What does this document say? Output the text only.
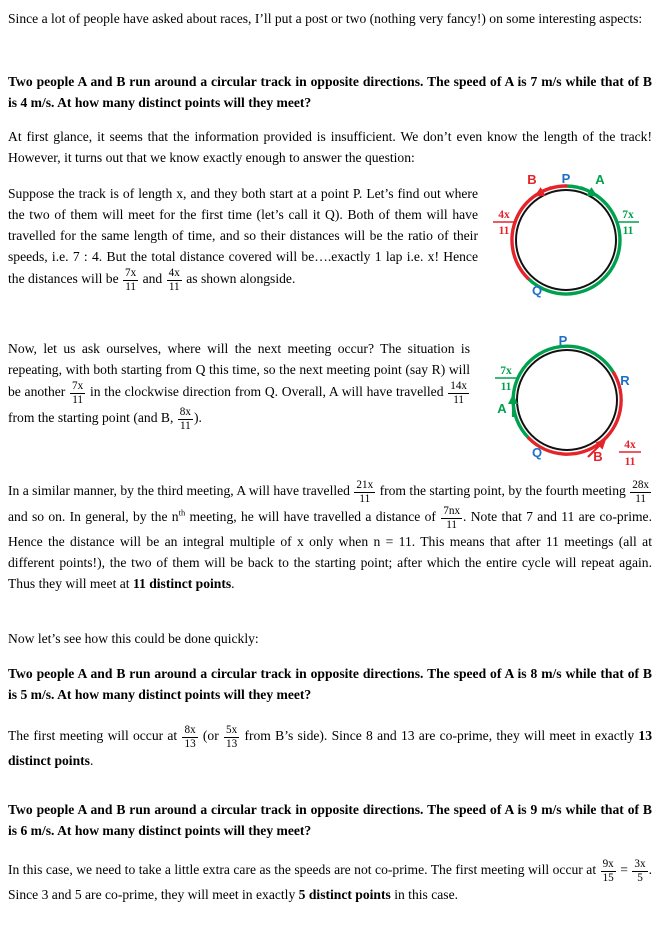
Since a lot of people have asked about races, I’ll put a post or two (nothing very fancy!) on some interesting aspects:

Two people A and B run around a circular track in opposite directions. The speed of A is 7 m/s while that of B is 4 m/s. At how many distinct points will they meet?

At first glance, it seems that the information provided is insufficient. We don’t even know the length of the track! However, it turns out that we know exactly enough to answer the question:

Suppose the track is of length x, and they both start at a point P. Let’s find out where the two of them will meet for the first time (let’s call it Q). Both of them will have travelled for the same length of time, and so their distances will be the ratio of their speeds, i.e. 7 : 4. But the total distance covered will be….exactly 1 lap i.e. x! Hence the distances will be $\frac{7x}{11}$ and $\frac{4x}{11}$ as shown alongside.

B P A
Q
4x
11
7x
11

Now, let us ask ourselves, where will the next meeting occur? The situation is repeating, with both starting from Q this time, so the next meeting point (say R) will be another $\frac{7x}{11}$ in the clockwise direction from Q. Overall, A will have travelled $\frac{14x}{11}$
from the starting point (and B, $\frac{8x}{11}$ ).

P
R
Q
A
B
7x
11
4x
11

In a similar manner, by the third meeting, A will have travelled $\frac{21x}{11}$ from the starting point, by the fourth meeting $\frac{28x}{11}$
and so on. In general, by the $n^{th}$ meeting, he will have travelled a distance of $\frac{7nx}{11}$ . Note that 7 and 11 are co-prime. Hence the distance will be an integral multiple of x only when n = 11. This means that after 11 meetings (all at different points!), the two of them will be back to the starting point; after which the entire cycle will repeat again. Thus they will meet at 11 distinct points.

Now let’s see how this could be done quickly:

Two people A and B run around a circular track in opposite directions. The speed of A is 8 m/s while that of B is 5 m/s. At how many distinct points will they meet?

The first meeting will occur at $\frac{8x}{13} (or \frac{5x}{13}$ from B’s side). Since 8 and 13 are co-prime, they will meet in exactly 13 distinct points.

Two people A and B run around a circular track in opposite directions. The speed of A is 9 m/s while that of B is 6 m/s. At how many distinct points will they meet?

In this case, we need to take a little extra care as the speeds are not co-prime. The first meeting will occur at $\frac{9x}{15} = \frac{3x}{5}$ . Since 3 and 5 are co-prime, they will meet in exactly 5 distinct points in this case.
